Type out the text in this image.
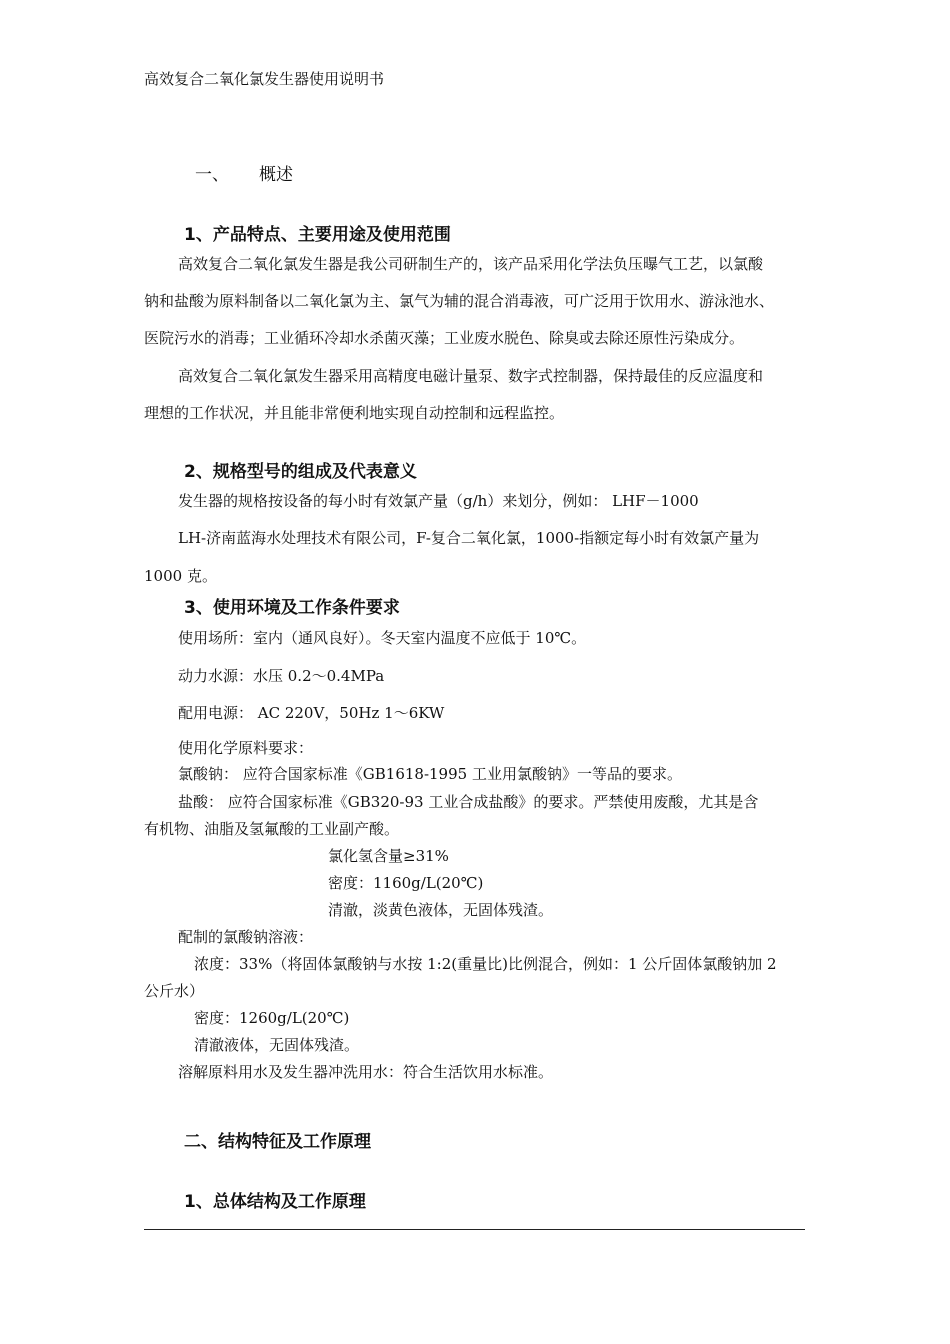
高效复合二氧化氯发生器使用说明书
一、 概述
1、产品特点、主要用途及使用范围
高效复合二氧化氯发生器是我公司研制生产的，该产品采用化学法负压曝气工艺，以氯酸
钠和盐酸为原料制备以二氧化氯为主、氯气为辅的混合消毒液，可广泛用于饮用水、游泳池水、
医院污水的消毒；工业循环冷却水杀菌灭藻；工业废水脱色、除臭或去除还原性污染成分。
高效复合二氧化氯发生器采用高精度电磁计量泵、数字式控制器，保持最佳的反应温度和
理想的工作状况，并且能非常便利地实现自动控制和远程监控。
2、规格型号的组成及代表意义
发生器的规格按设备的每小时有效氯产量（g/h）来划分，例如： LHF－1000
LH-济南蓝海水处理技术有限公司，F-复合二氧化氯，1000-指额定每小时有效氯产量为
1000 克。
3、使用环境及工作条件要求
使用场所：室内（通风良好）。冬天室内温度不应低于 10℃。
动力水源：水压 0.2～0.4MPa
配用电源： AC 220V，50Hz 1～6KW
使用化学原料要求：
氯酸钠： 应符合国家标准《GB1618-1995 工业用氯酸钠》一等品的要求。
盐酸： 应符合国家标准《GB320-93 工业合成盐酸》的要求。严禁使用废酸，尤其是含
有机物、油脂及氢氟酸的工业副产酸。
氯化氢含量≥31%
密度：1160g/L(20℃)
清澈，淡黄色液体，无固体残渣。
配制的氯酸钠溶液：
浓度：33%（将固体氯酸钠与水按 1:2(重量比)比例混合，例如：1 公斤固体氯酸钠加 2
公斤水）
密度：1260g/L(20℃)
清澈液体，无固体残渣。
溶解原料用水及发生器冲洗用水：符合生活饮用水标准。
二、结构特征及工作原理
1、总体结构及工作原理
